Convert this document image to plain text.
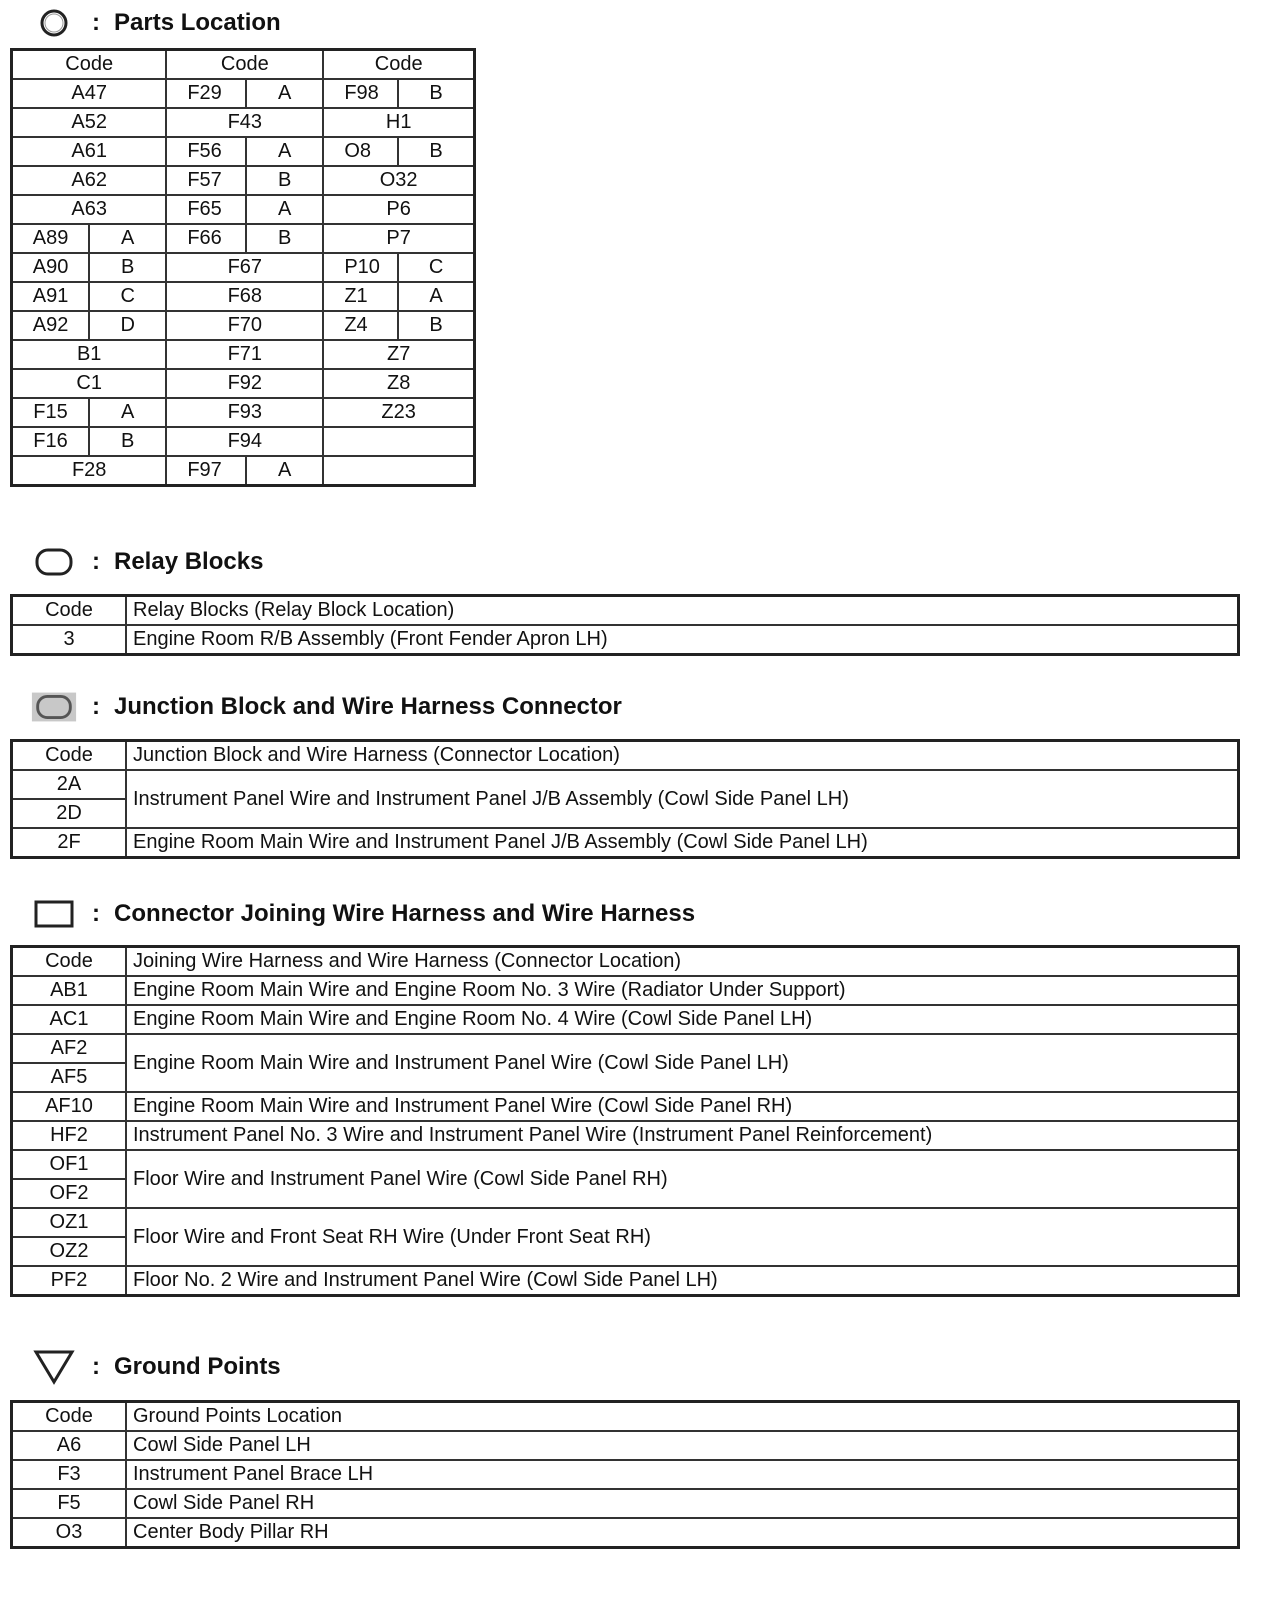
: Parts Location
Code		Code		Code	
A47		F29	A	F98	B
A52		F43		H1	
A61		F56	A	O8	B
A62		F57	B	O32	
A63		F65	A	P6	
A89	A	F66	B	P7	
A90	B	F67		P10	C
A91	C	F68		Z1	A
A92	D	F70		Z4	B
B1		F71		Z7	
C1		F92		Z8	
F15	A	F93		Z23	
F16	B	F94			
F28		F97	A		
: Relay Blocks
Code	Relay Blocks (Relay Block Location)
3	Engine Room R/B Assembly (Front Fender Apron LH)
: Junction Block and Wire Harness Connector
Code	Junction Block and Wire Harness (Connector Location)
2A	Instrument Panel Wire and Instrument Panel J/B Assembly (Cowl Side Panel LH)
2D	
2F	Engine Room Main Wire and Instrument Panel J/B Assembly (Cowl Side Panel LH)
: Connector Joining Wire Harness and Wire Harness
Code	Joining Wire Harness and Wire Harness (Connector Location)
AB1	Engine Room Main Wire and Engine Room No. 3 Wire (Radiator Under Support)
AC1	Engine Room Main Wire and Engine Room No. 4 Wire (Cowl Side Panel LH)
AF2	Engine Room Main Wire and Instrument Panel Wire (Cowl Side Panel LH)
AF5	
AF10	Engine Room Main Wire and Instrument Panel Wire (Cowl Side Panel RH)
HF2	Instrument Panel No. 3 Wire and Instrument Panel Wire (Instrument Panel Reinforcement)
OF1	Floor Wire and Instrument Panel Wire (Cowl Side Panel RH)
OF2	
OZ1	Floor Wire and Front Seat RH Wire (Under Front Seat RH)
OZ2	
PF2	Floor No. 2 Wire and Instrument Panel Wire (Cowl Side Panel LH)
: Ground Points
Code	Ground Points Location
A6	Cowl Side Panel LH
F3	Instrument Panel Brace LH
F5	Cowl Side Panel RH
O3	Center Body Pillar RH
